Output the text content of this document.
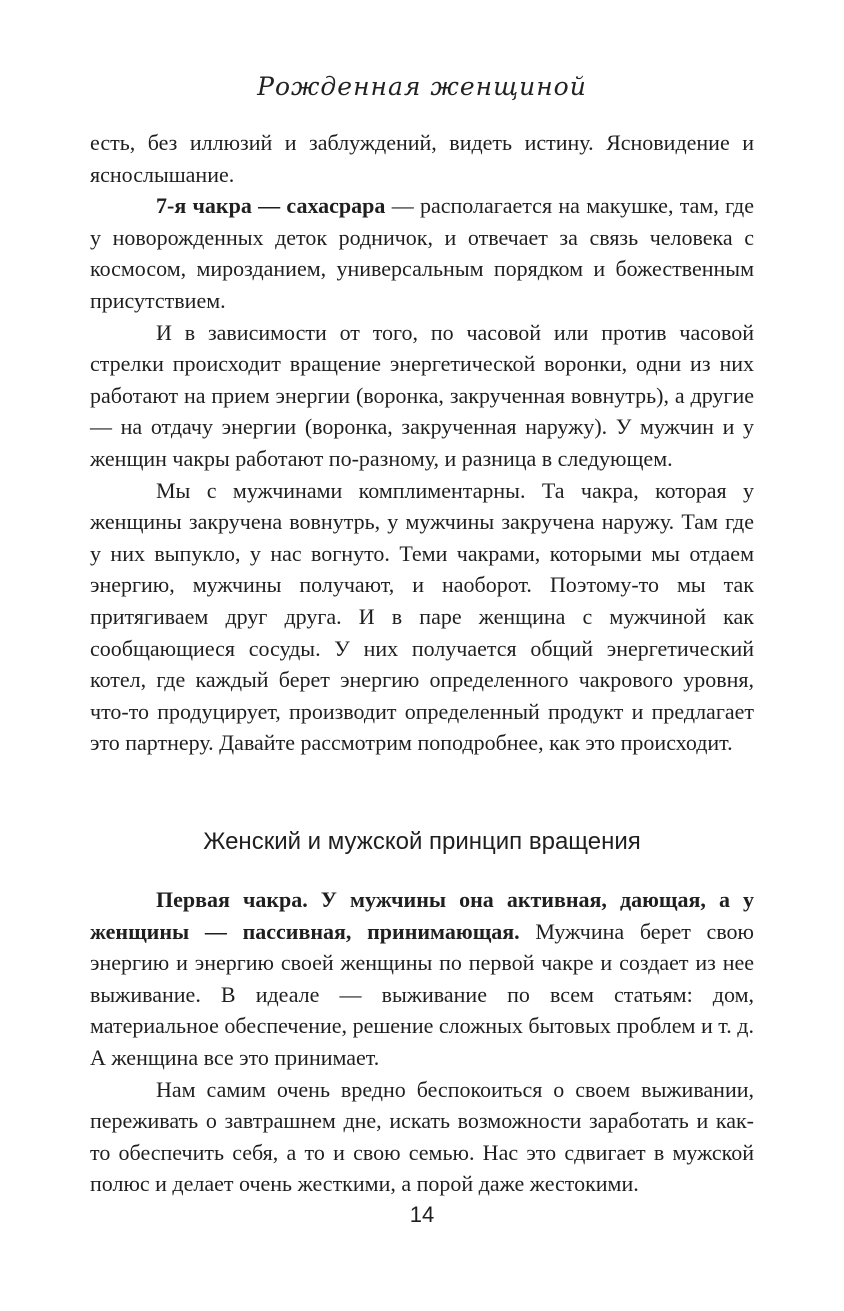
Рожденная женщиной

есть, без иллюзий и заблуждений, видеть истину. Ясновидение и яснослышание.

7-я чакра — сахасрара — располагается на макушке, там, где у новорожденных деток родничок, и отвечает за связь человека с космосом, мирозданием, универсальным порядком и божественным присутствием.

И в зависимости от того, по часовой или против часовой стрелки происходит вращение энергетической воронки, одни из них работают на прием энергии (воронка, закрученная вовнутрь), а другие — на отдачу энергии (воронка, закрученная наружу). У мужчин и у женщин чакры работают по-разному, и разница в следующем.

Мы с мужчинами комплиментарны. Та чакра, которая у женщины закручена вовнутрь, у мужчины закручена наружу. Там где у них выпукло, у нас вогнуто. Теми чакрами, которыми мы отдаем энергию, мужчины получают, и наоборот. Поэтому-то мы так притягиваем друг друга. И в паре женщина с мужчиной как сообщающиеся сосуды. У них получается общий энергетический котел, где каждый берет энергию определенного чакрового уровня, что-то продуцирует, производит определенный продукт и предлагает это партнеру. Давайте рассмотрим поподробнее, как это происходит.

Женский и мужской принцип вращения

Первая чакра. У мужчины она активная, дающая, а у женщины — пассивная, принимающая. Мужчина берет свою энергию и энергию своей женщины по первой чакре и создает из нее выживание. В идеале — выживание по всем статьям: дом, материальное обеспечение, решение сложных бытовых проблем и т. д. А женщина все это принимает.

Нам самим очень вредно беспокоиться о своем выживании, переживать о завтрашнем дне, искать возможности заработать и как-то обеспечить себя, а то и свою семью. Нас это сдвигает в мужской полюс и делает очень жесткими, а порой даже жестокими.

14
